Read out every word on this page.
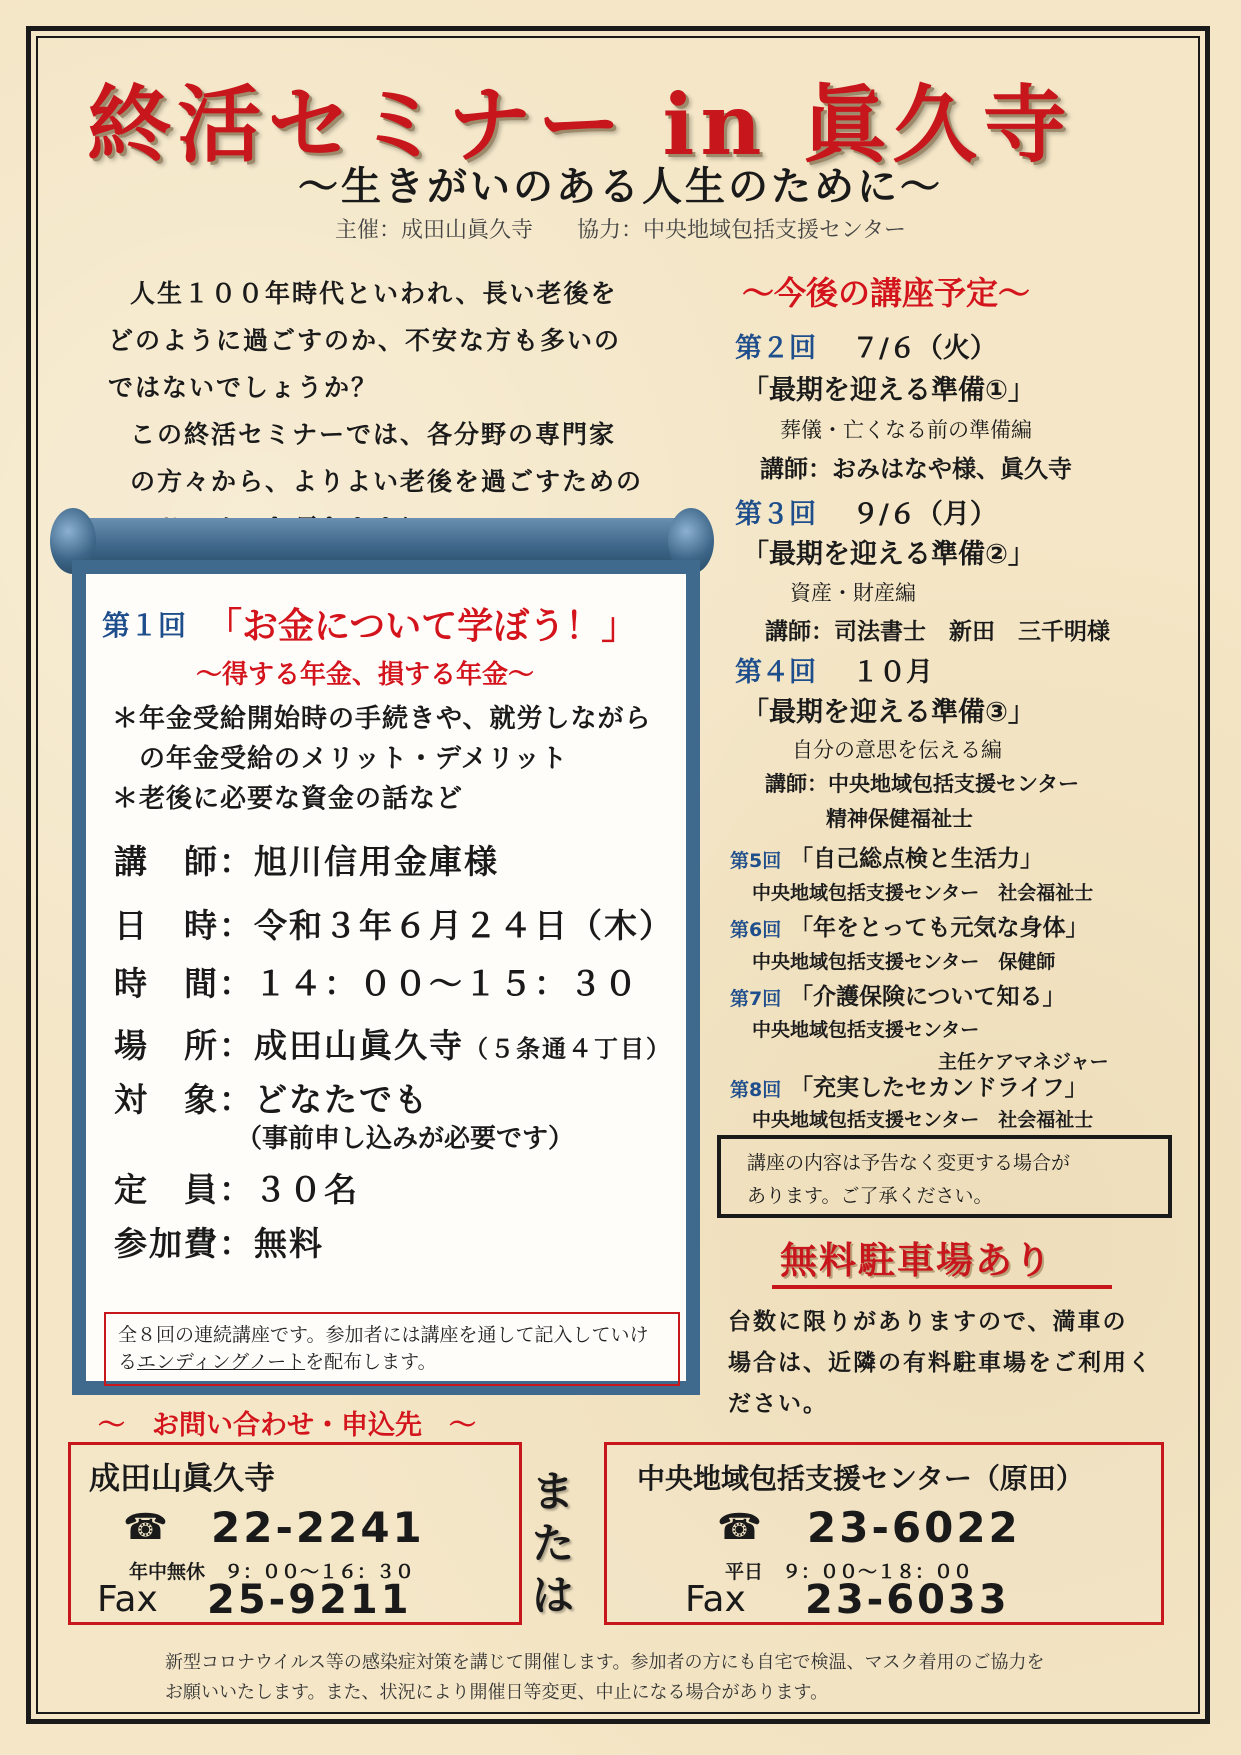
終活セミナー in 眞久寺
～生きがいのある人生のために～
主催：成田山眞久寺　　協力：中央地域包括支援センター

人生１００年時代といわれ、長い老後を

どのように過ごすのか、不安な方も多いの

ではないでしょうか？

この終活セミナーでは、各分野の専門家

の方々から、よりよい老後を過ごすための

第１回 「お金について学ぼう！」
～得する年金、損する年金～
＊年金受給開始時の手続きや、就労しながら
　の年金受給のメリット・デメリット
＊老後に必要な資金の話など
講　師：旭川信用金庫様
日　時：令和３年６月２４日（木）
時　間：１４：００～１５：３０
場　所：成田山眞久寺（５条通４丁目）
対　象：どなたでも
（事前申し込みが必要です）
定　員：３０名
参加費：無料
全８回の連続講座です。参加者には講座を通して記入していけるエンディングノートを配布します。
～今後の講座予定～
第２回 ７/６（火）
「最期を迎える準備①」
葬儀・亡くなる前の準備編
講師：おみはなや様、眞久寺
第３回 ９/６（月）
「最期を迎える準備②」
資産・財産編
講師：司法書士　新田　三千明様
第４回 １０月
「最期を迎える準備③」
自分の意思を伝える編
講師：中央地域包括支援センター
精神保健福祉士
第5回 「自己総点検と生活力」
中央地域包括支援センター　社会福祉士
第6回 「年をとっても元気な身体」
中央地域包括支援センター　保健師
第7回 「介護保険について知る」
中央地域包括支援センター
主任ケアマネジャー
第8回 「充実したセカンドライフ」
中央地域包括支援センター　社会福祉士
講座の内容は予告なく変更する場合が
あります。ご了承ください。
無料駐車場あり

台数に限りがありますので、満車の

場合は、近隣の有料駐車場をご利用く

ださい。

～　お問い合わせ・申込先　～
成田山眞久寺
☎ 22-2241
年中無休　９：００～１６：３０
Fax 25-9211
または
中央地域包括支援センター（原田）
☎ 23-6022
平日　９：００～１８：００
Fax 23-6033

新型コロナウイルス等の感染症対策を講じて開催します。参加者の方にも自宅で検温、マスク着用のご協力を

お願いいたします。また、状況により開催日等変更、中止になる場合があります。
